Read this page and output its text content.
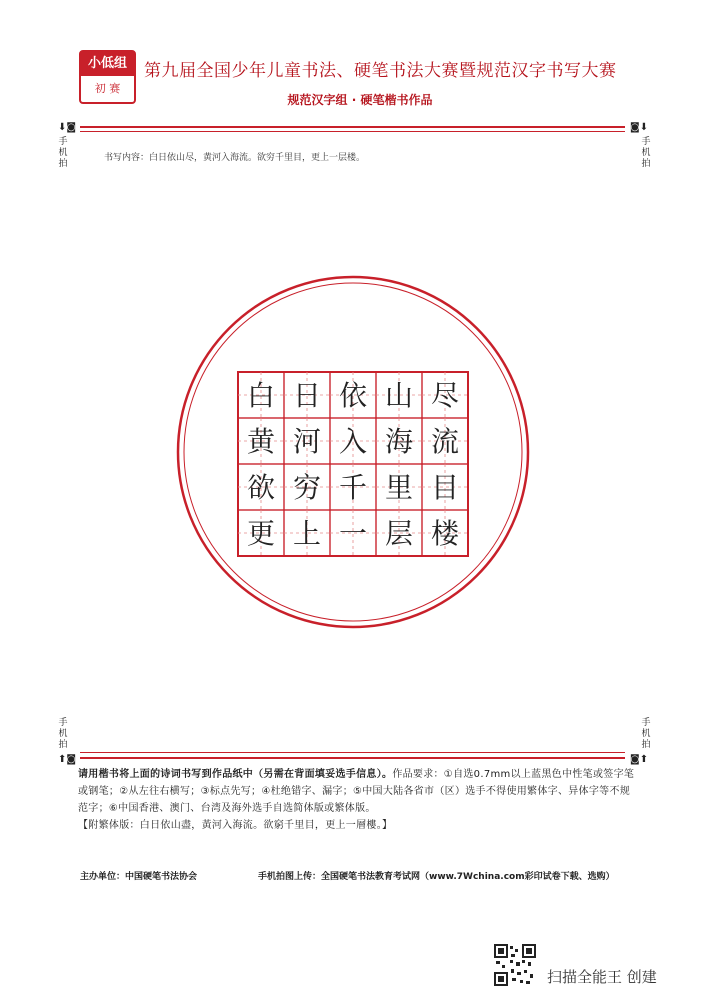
小低组
初 赛
第九届全国少年儿童书法、硬笔书法大赛暨规范汉字书写大赛
规范汉字组 · 硬笔楷书作品
⬇◙	◙⬇
手
机
拍
手
机
拍
书写内容：白日依山尽，黄河入海流。欲穷千里目，更上一层楼。
白 日 依 山 尽
黄 河 入 海 流
欲 穷 千 里 目
更 上 一 层 楼
⬆◙	◙⬆
手
机
拍
手
机
拍
请用楷书将上面的诗词书写到作品纸中（另需在背面填妥选手信息）。作品要求：①自选0.7mm以上蓝黑色中性笔或签字笔或钢笔；②从左往右横写；③标点先写；④杜绝错字、漏字；⑤中国大陆各省市（区）选手不得使用繁体字、异体字等不规范字；⑥中国香港、澳门、台湾及海外选手自选简体版或繁体版。
【附繁体版：白日依山盡，黃河入海流。欲窮千里目，更上一層樓。】
主办单位：中国硬笔书法协会	手机拍图上传：全国硬笔书法教育考试网（www.7Wchina.com彩印试卷下载、选购）
扫描全能王 创建
